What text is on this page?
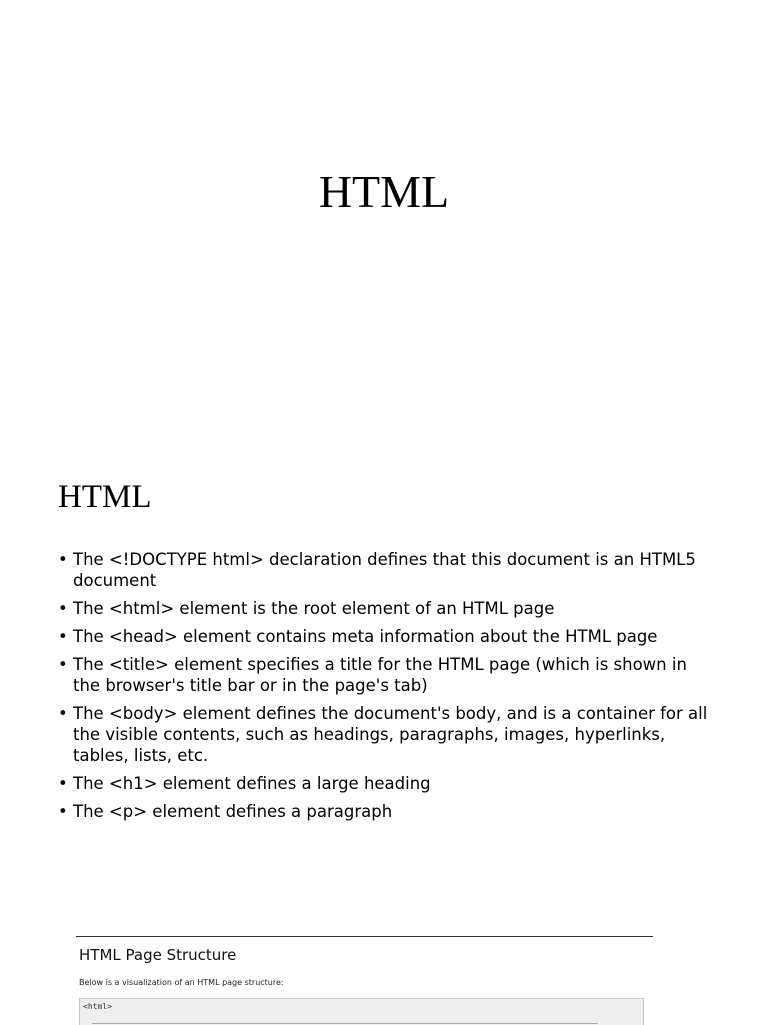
HTML
HTML
• The <!DOCTYPE html> declaration defines that this document is an HTML5 document
• The <html> element is the root element of an HTML page
• The <head> element contains meta information about the HTML page
• The <title> element specifies a title for the HTML page (which is shown in the browser's title bar or in the page's tab)
• The <body> element defines the document's body, and is a container for all the visible contents, such as headings, paragraphs, images, hyperlinks, tables, lists, etc.
• The <h1> element defines a large heading
• The <p> element defines a paragraph
HTML Page Structure
Below is a visualization of an HTML page structure:
<html>
